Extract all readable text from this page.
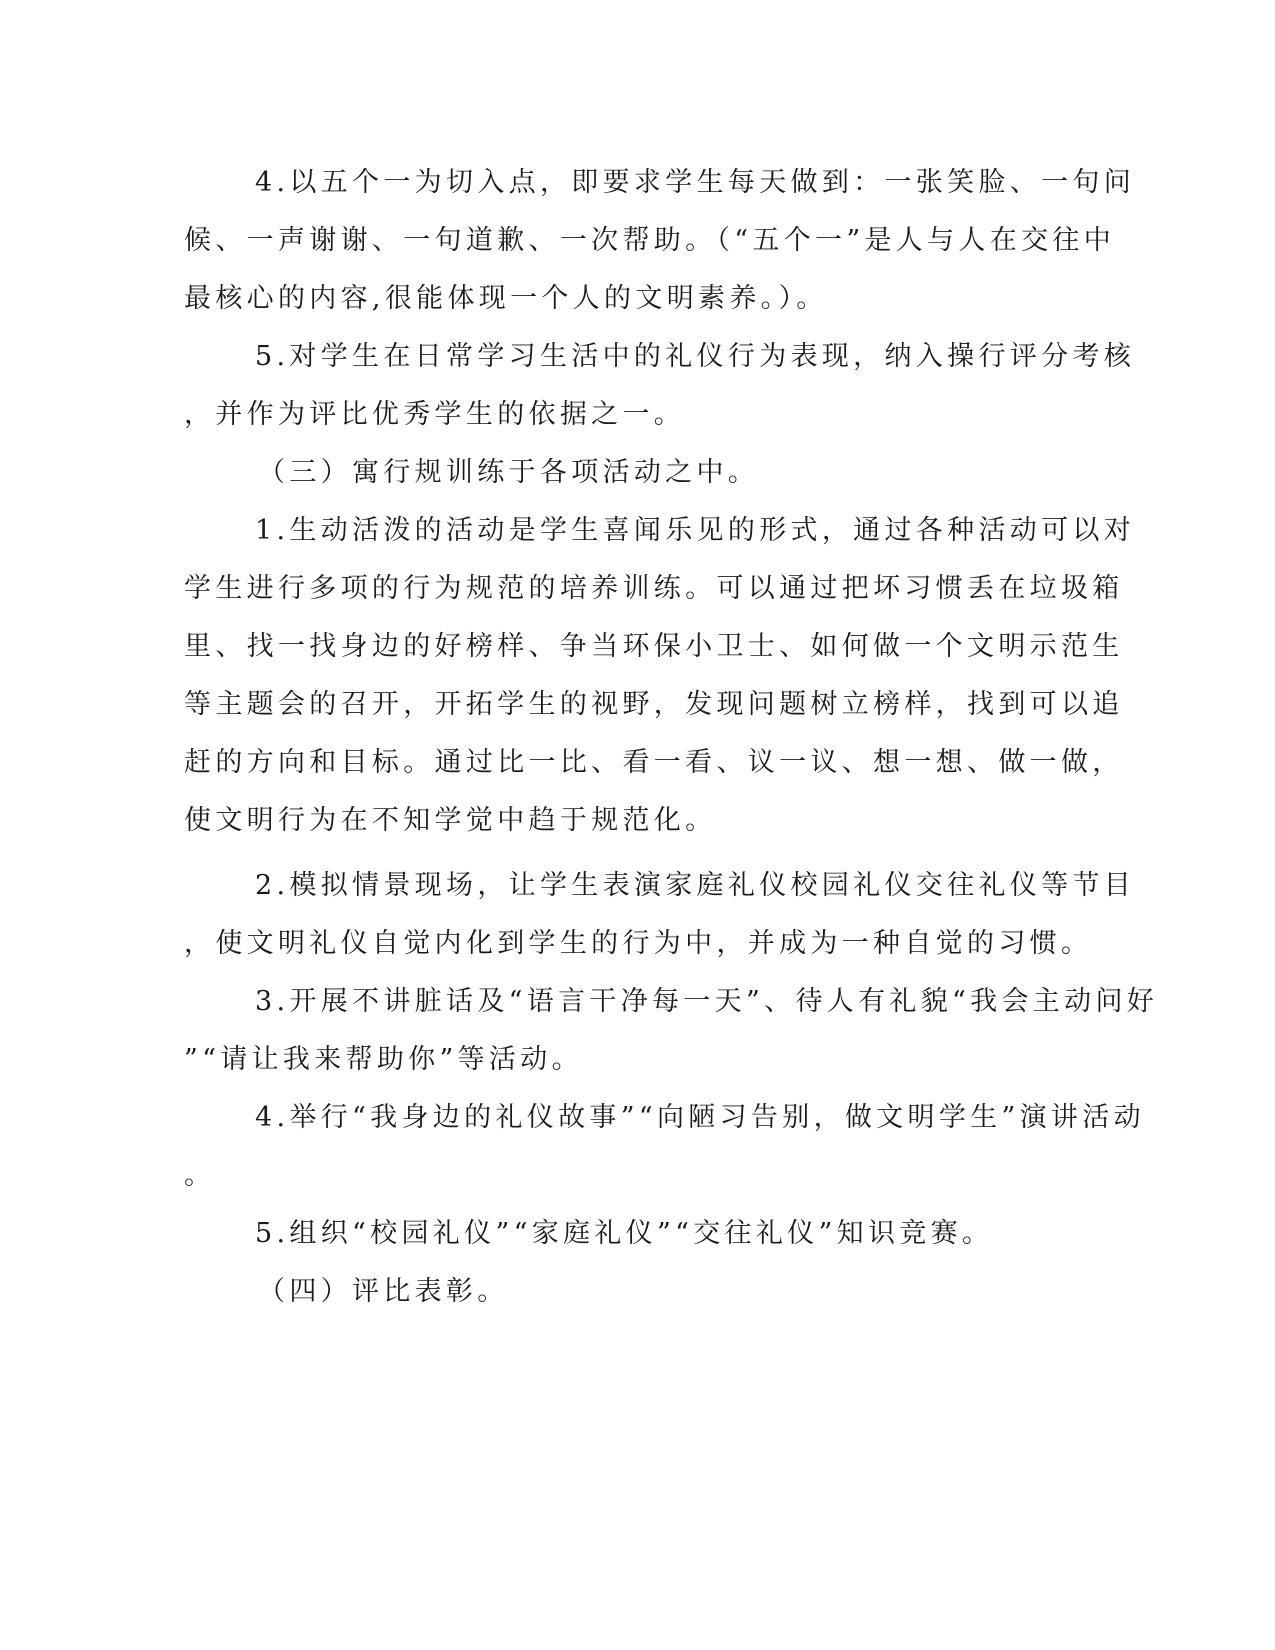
4.以五个一为切入点，即要求学生每天做到：一张笑脸、一句问
候、一声谢谢、一句道歉、一次帮助。（“五个一”是人与人在交往中
最核心的内容,很能体现一个人的文明素养。）。
5.对学生在日常学习生活中的礼仪行为表现，纳入操行评分考核
，并作为评比优秀学生的依据之一。
（三）寓行规训练于各项活动之中。
1.生动活泼的活动是学生喜闻乐见的形式，通过各种活动可以对
学生进行多项的行为规范的培养训练。可以通过把坏习惯丢在垃圾箱
里、找一找身边的好榜样、争当环保小卫士、如何做一个文明示范生
等主题会的召开，开拓学生的视野，发现问题树立榜样，找到可以追
赶的方向和目标。通过比一比、看一看、议一议、想一想、做一做，
使文明行为在不知学觉中趋于规范化。
2.模拟情景现场，让学生表演家庭礼仪校园礼仪交往礼仪等节目
，使文明礼仪自觉内化到学生的行为中，并成为一种自觉的习惯。
3.开展不讲脏话及“语言干净每一天”、待人有礼貌“我会主动问好
”“请让我来帮助你”等活动。
4.举行“我身边的礼仪故事”“向陋习告别，做文明学生”演讲活动
。
5.组织“校园礼仪”“家庭礼仪”“交往礼仪”知识竞赛。
（四）评比表彰。
